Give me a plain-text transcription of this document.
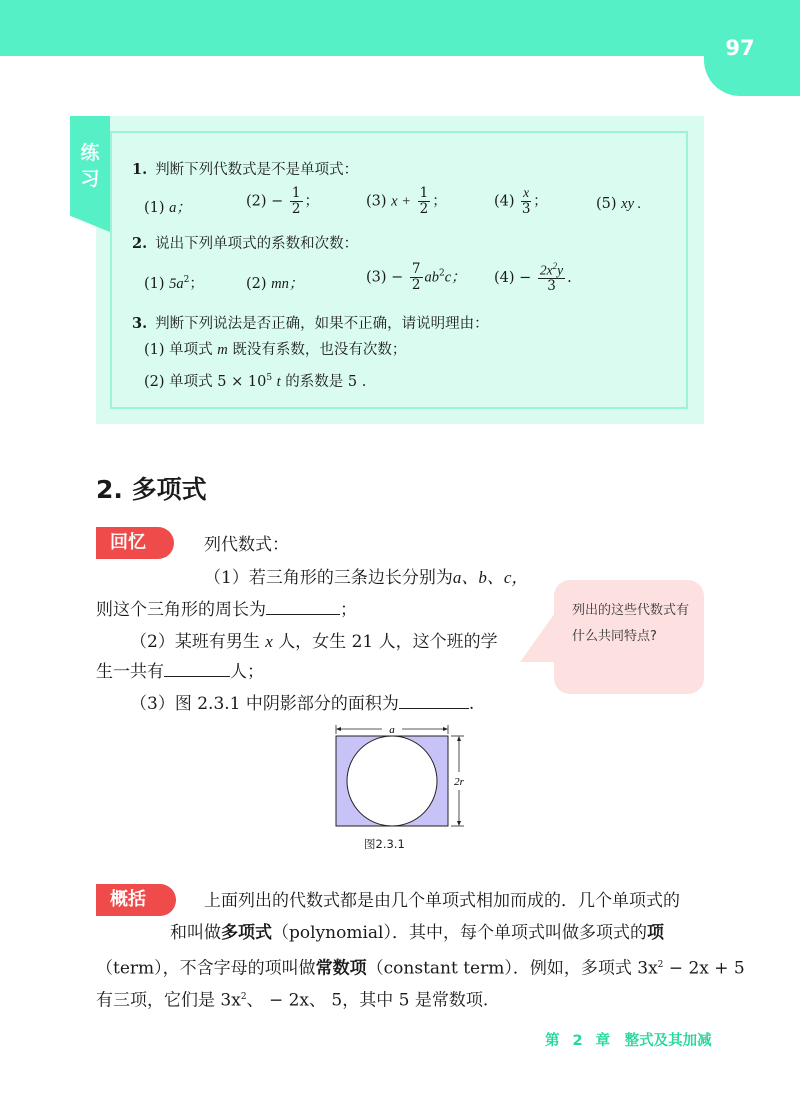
97
练习 1. 判断下列代数式是不是单项式：
(1) a；	$(2) - \frac{1}{2}$ ；	(3) $x + \frac{1}{2}$ ；	$(4) \frac{x}{3}$ ；	(5) xy .
2. 说出下列单项式的系数和次数：
(1) $5a^2$；	(2) mn；	$(3) - \frac{7}{2} ab^2c$； $(4) - \frac{2x^2y}{3}$ .
3. 判断下列说法是否正确，如果不正确，请说明理由：
(1) 单项式 m 既没有系数，也没有次数；
(2) 单项式 $5 \times 10^5$ t 的系数是 5 .
2. 多项式
回忆	列代数式：
（1）若三角形的三条边长分别为a、b、c，
则这个三角形的周长为	；
（2）某班有男生 x 人，女生 21 人，这个班的学
生一共有	人；
（3）图 2.3.1 中阴影部分的面积为	.
列出的这些代数式有什么共同特点?
a
2r
图2.3.1
概括	上面列出的代数式都是由几个单项式相加而成的．几个单项式的
和叫做多项式（polynomial）．其中，每个单项式叫做多项式的项
（term），不含字母的项叫做常数项（constant term）．例如，多项式 $3x^2 - 2x + 5$
有三项，它们是 $3x^2$、 − 2x、 5，其中 5 是常数项.
第 2 章　整式及其加减
